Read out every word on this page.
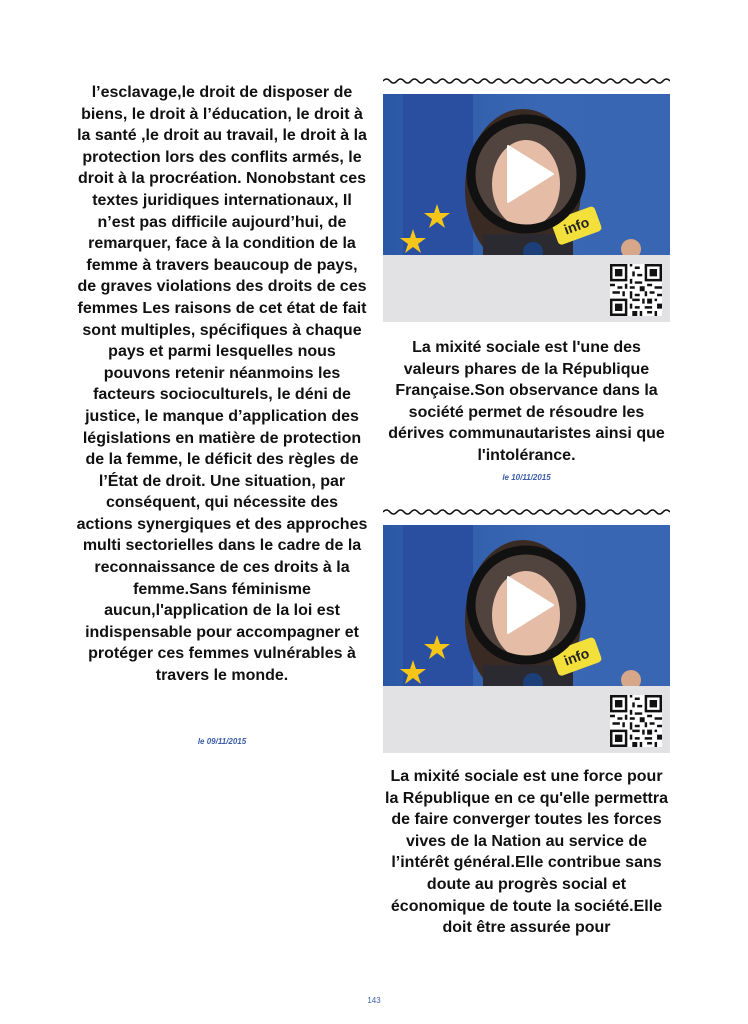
l’esclavage,le droit de disposer de biens, le droit à l’éducation, le droit à la santé ,le droit au travail, le droit à la protection lors des conflits armés, le droit à la procréation. Nonobstant ces textes juridiques internationaux, Il n’est pas difficile aujourd’hui, de remarquer, face à la condition de la femme à travers beaucoup de pays, de graves violations des droits de ces femmes Les raisons de cet état de fait sont multiples, spécifiques à chaque pays et parmi lesquelles nous pouvons retenir néanmoins les facteurs socioculturels, le déni de justice, le manque d’application des législations en matière de protection de la femme, le déficit des règles de l’État de droit. Une situation, par conséquent, qui nécessite des actions synergiques et des approches multi sectorielles dans le cadre de la reconnaissance de ces droits à la femme.Sans féminisme aucun,l'application de la loi est indispensable pour accompagner et protéger ces femmes vulnérables à travers le monde.
le 09/11/2015
info
La mixité sociale est l'une des valeurs phares de la République Française.Son observance dans la société permet de résoudre les dérives communautaristes ainsi que l'intolérance.
le 10/11/2015
info
La mixité sociale est une force pour la République en ce qu'elle permettra de faire converger toutes les forces vives de la Nation au service de l’intérêt général.Elle contribue sans doute au progrès social et économique de toute la société.Elle doit être assurée pour
143
